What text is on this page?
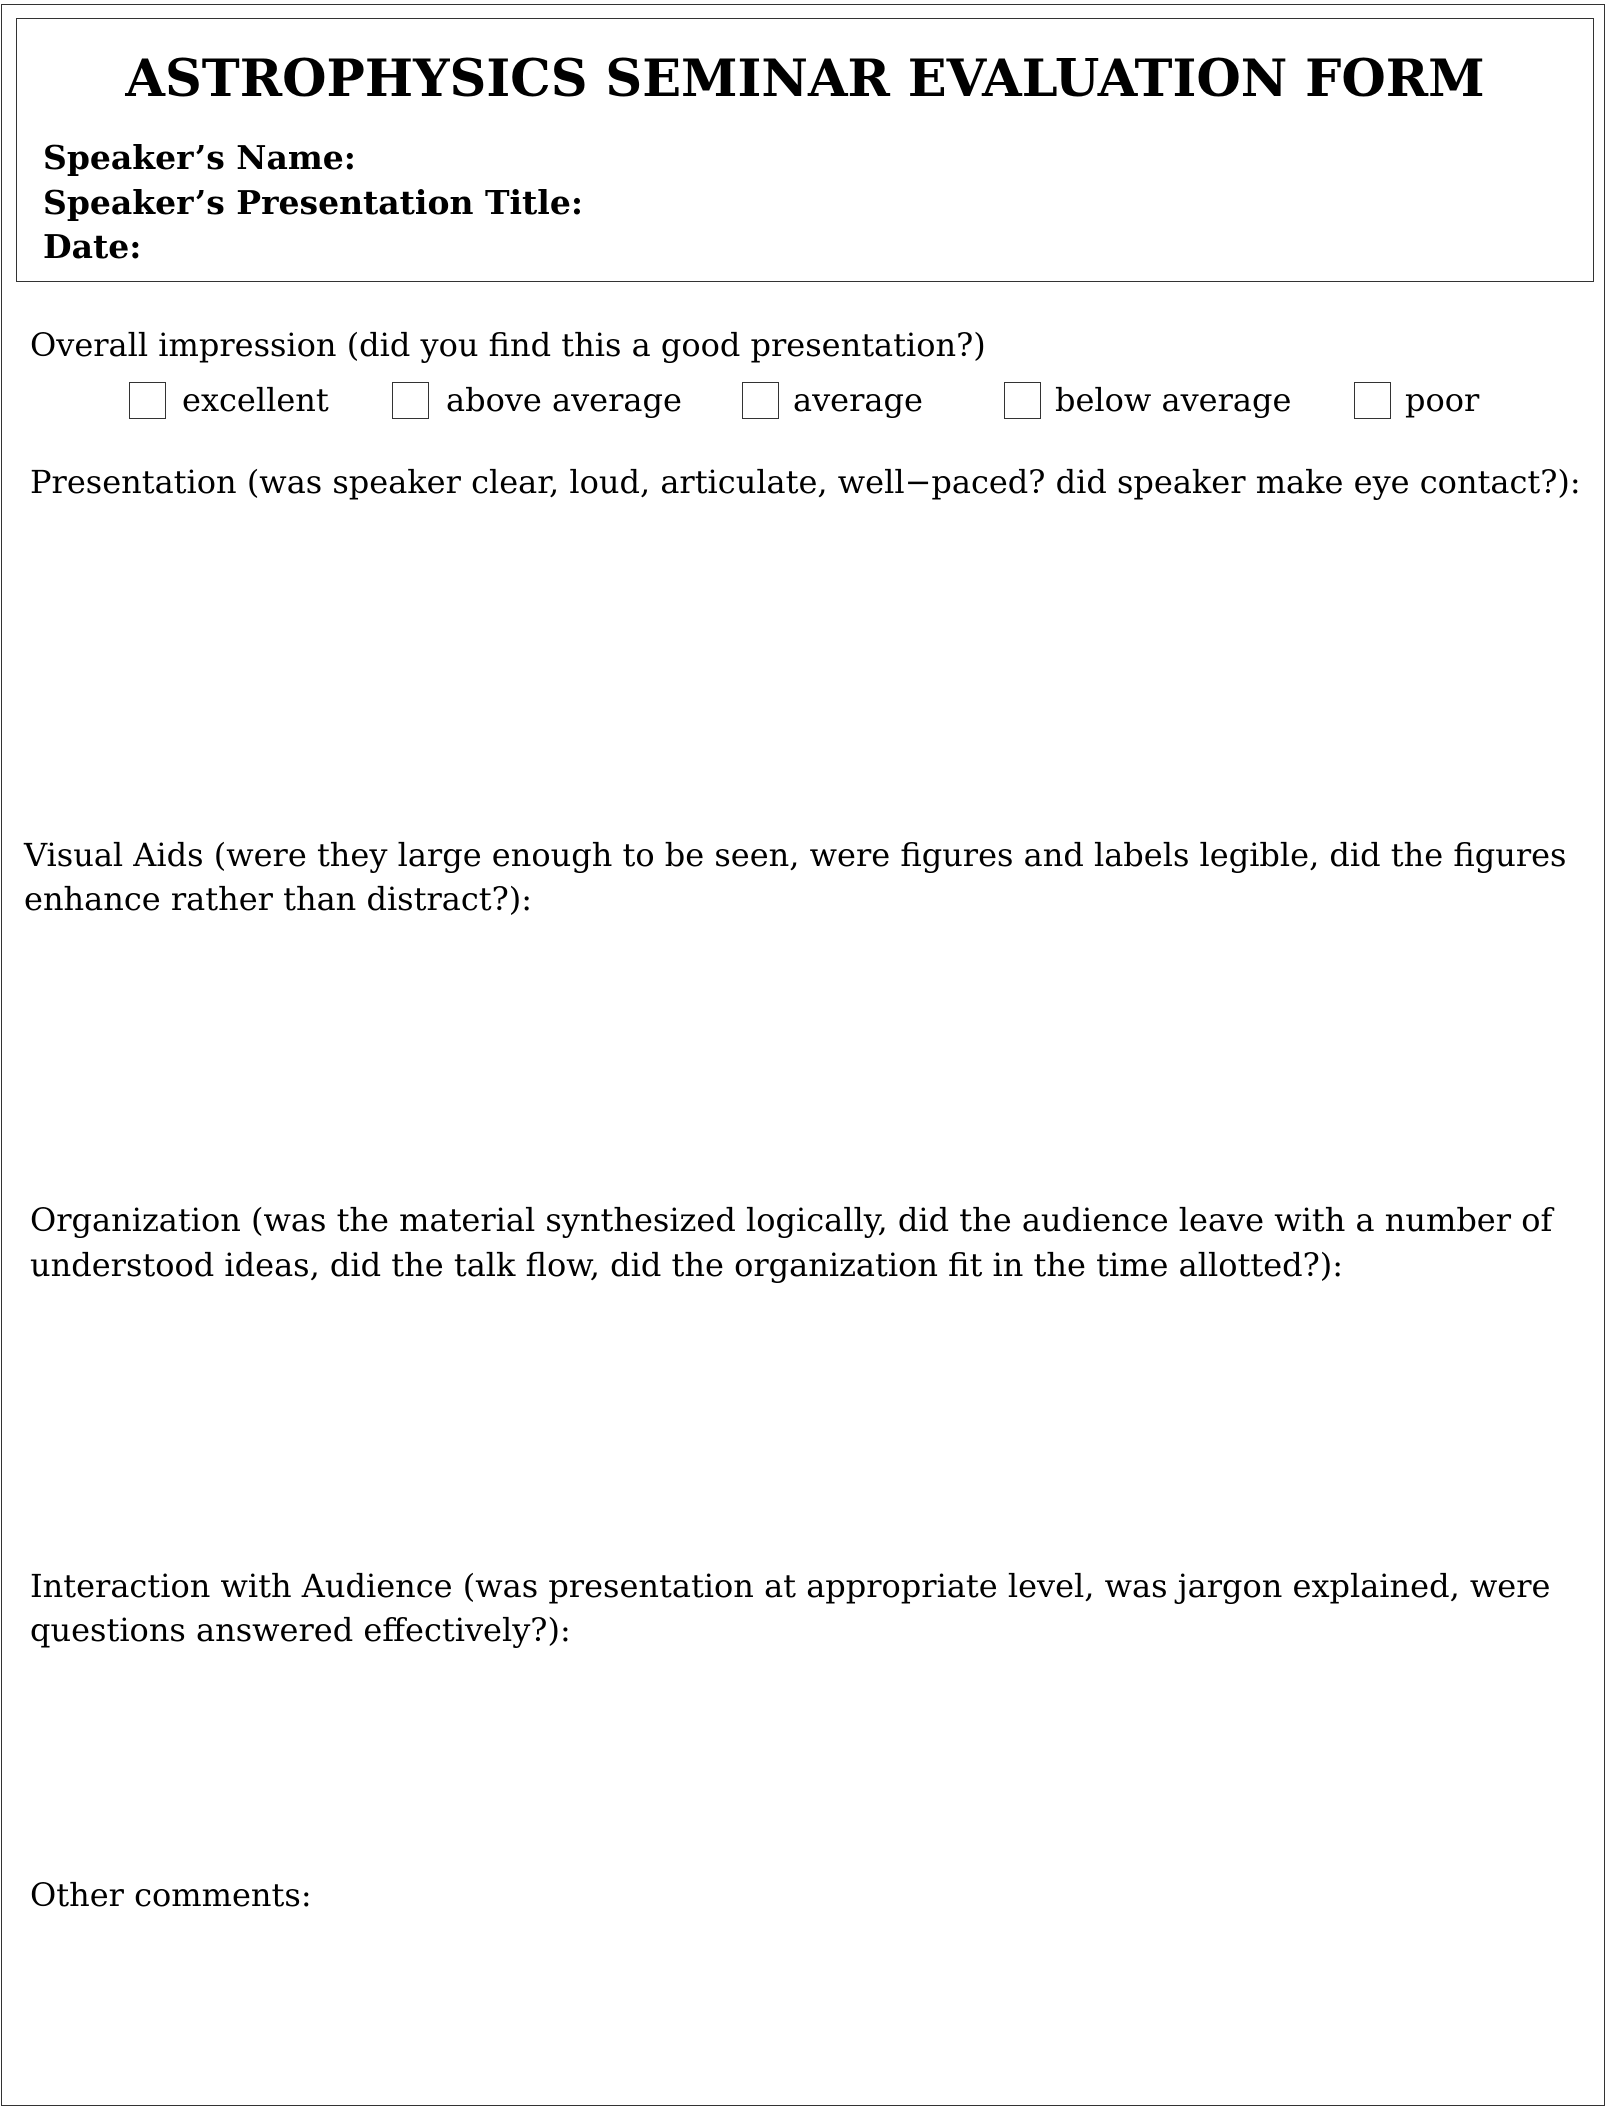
ASTROPHYSICS SEMINAR EVALUATION FORM
Speaker’s Name:
Speaker’s Presentation Title:
Date:
Overall impression (did you find this a good presentation?)
excellent	above average	average	below average	poor
Presentation (was speaker clear, loud, articulate, well−paced? did speaker make eye contact?):
Visual Aids (were they large enough to be seen, were figures and labels legible, did the figures
enhance rather than distract?):
Organization (was the material synthesized logically, did the audience leave with a number of
understood ideas, did the talk flow, did the organization fit in the time allotted?):
Interaction with Audience (was presentation at appropriate level, was jargon explained, were
questions answered effectively?):
Other comments:
